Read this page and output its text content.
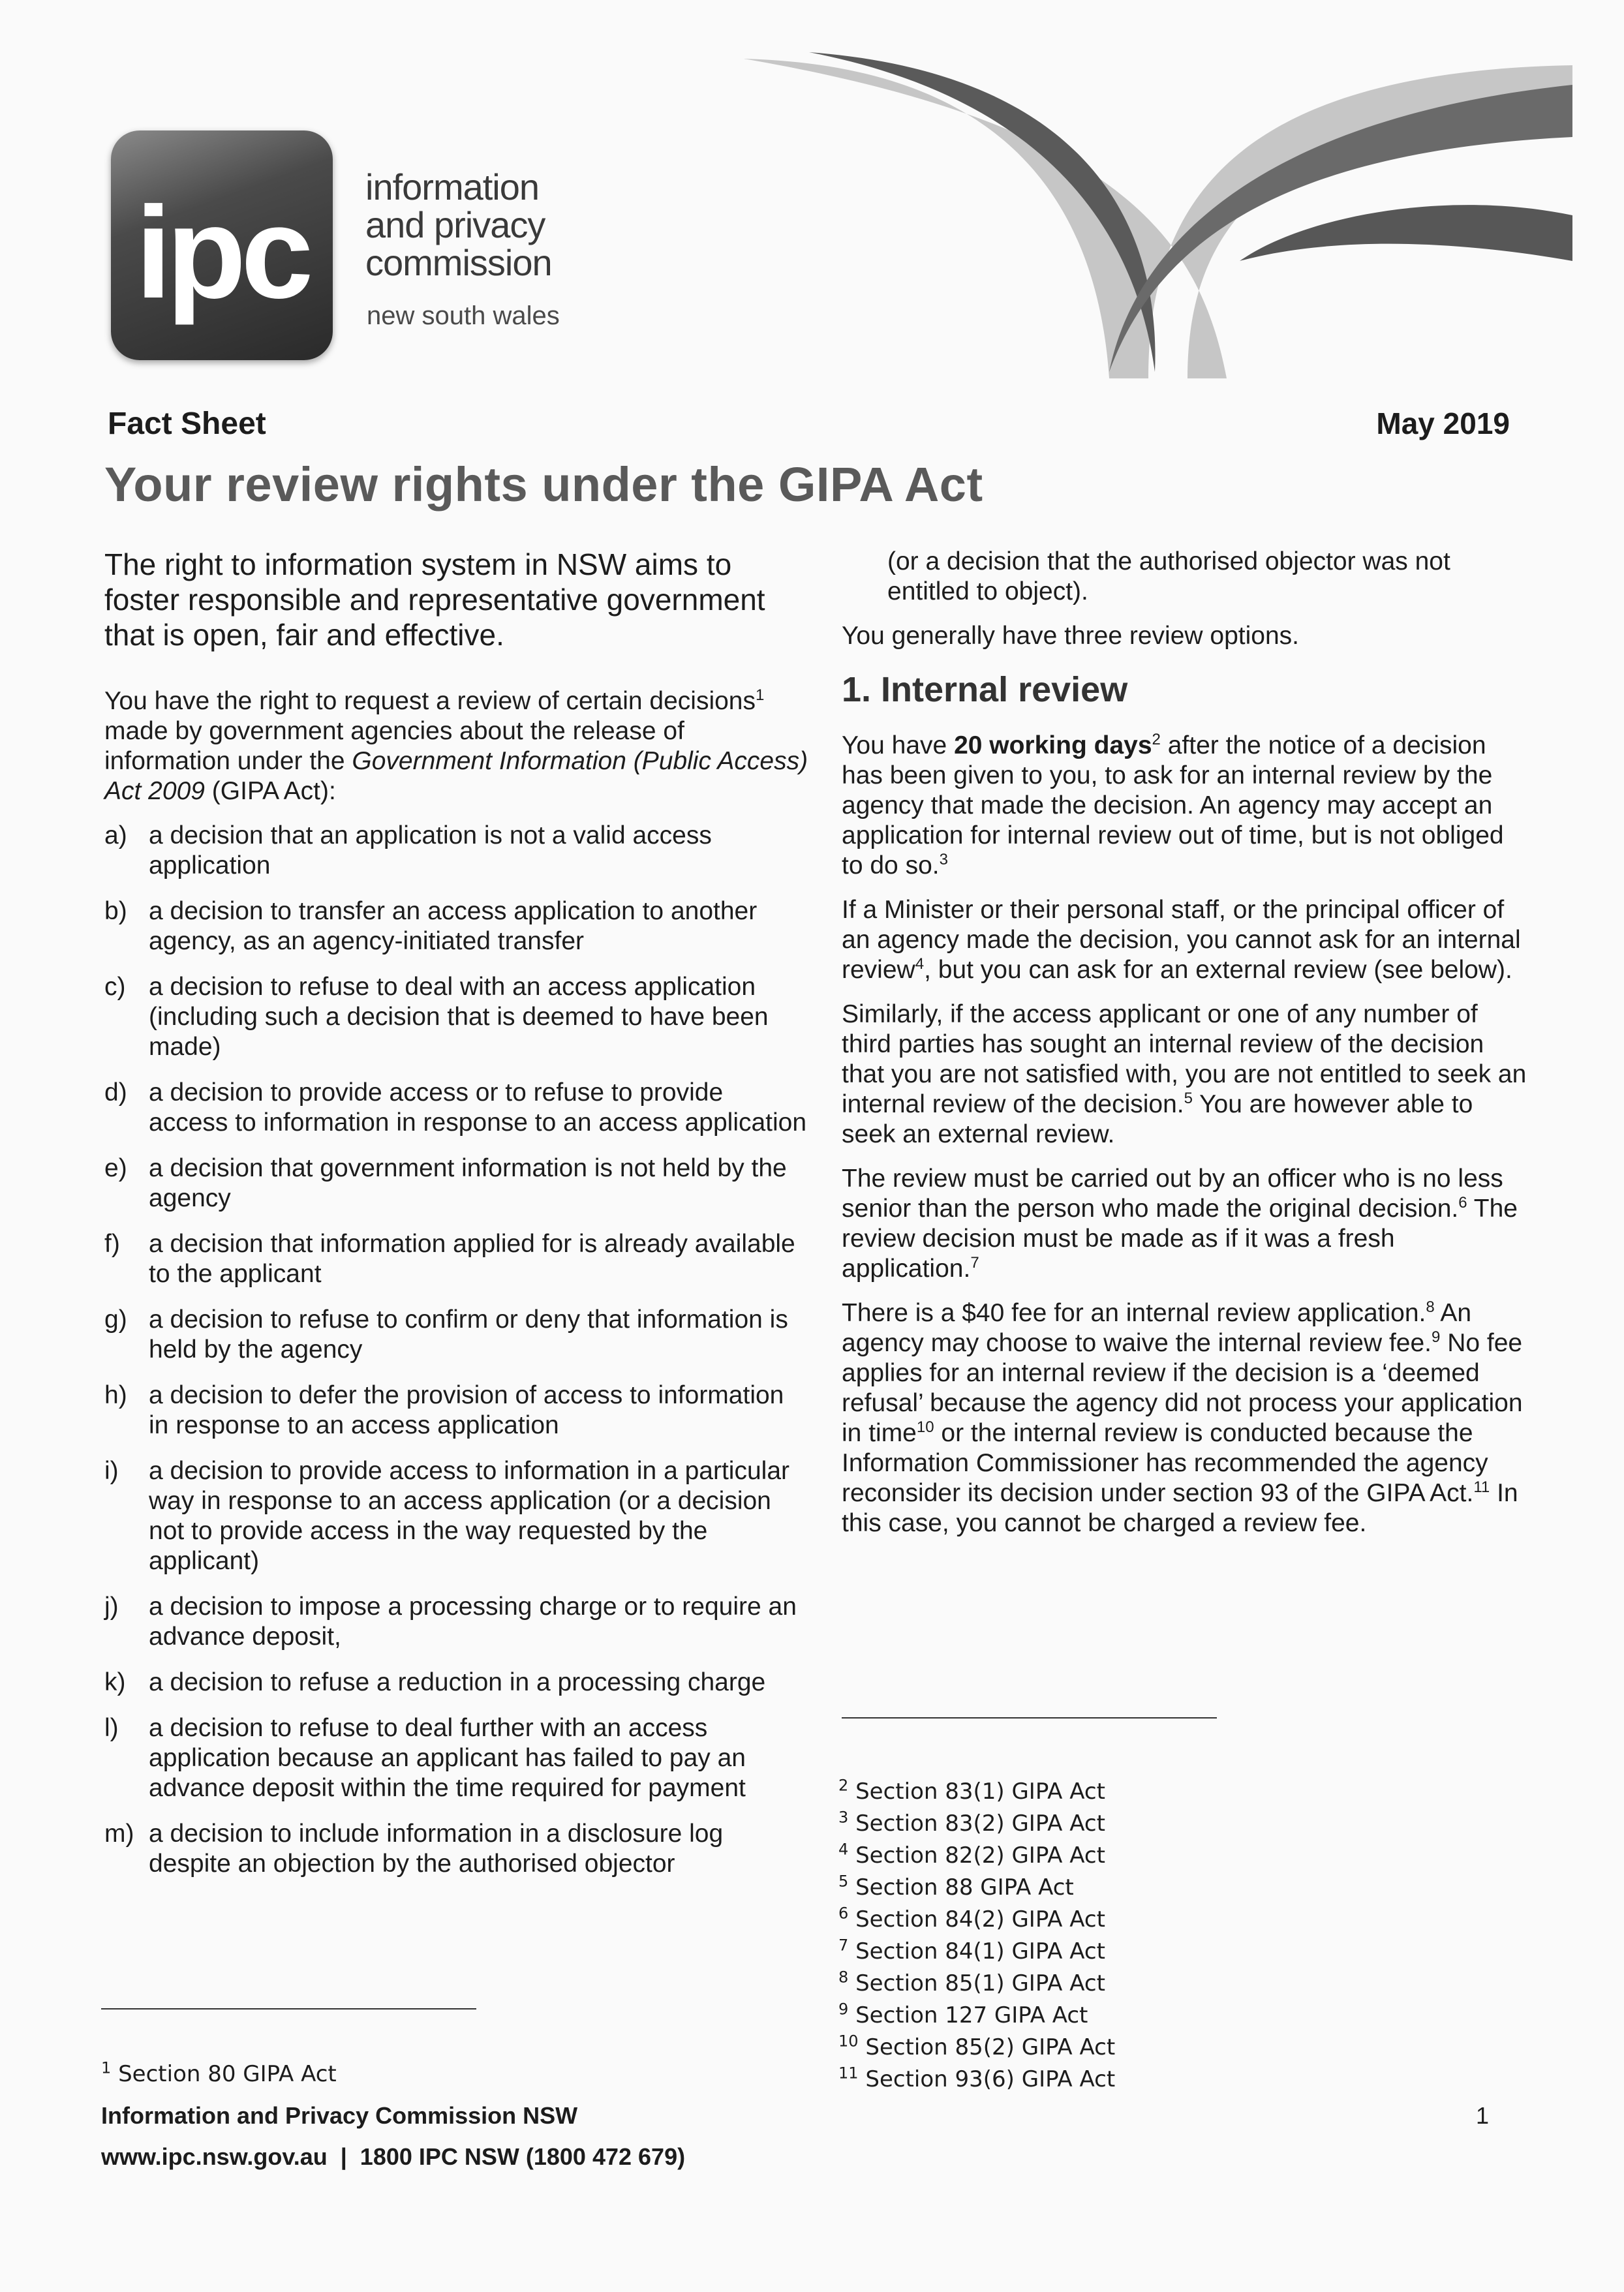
ipc	information
and privacy
commission
new south wales
Fact Sheet	May 2019
Your review rights under the GIPA Act

The right to information system in NSW aims to foster responsible and representative government that is open, fair and effective.

You have the right to request a review of certain decisions$^1$ made by government agencies about the release of information under the Government Information (Public Access) Act 2009 (GIPA Act):

a) a decision that an application is not a valid access application
b) a decision to transfer an access application to another agency, as an agency-initiated transfer
c) a decision to refuse to deal with an access application (including such a decision that is deemed to have been made)
d) a decision to provide access or to refuse to provide access to information in response to an access application
e) a decision that government information is not held by the agency
f)	a decision that information applied for is already available to the applicant
g) a decision to refuse to confirm or deny that information is held by the agency
h) a decision to defer the provision of access to information in response to an access application
i)	a decision to provide access to information in a particular way in response to an access application (or a decision not to provide access in the way requested by the applicant)
j)	a decision to impose a processing charge or to require an advance deposit,
k) a decision to refuse a reduction in a processing charge
l)	a decision to refuse to deal further with an access application because an applicant has failed to pay an advance deposit within the time required for payment
m) a decision to include information in a disclosure log despite an objection by the authorised objector
$^1$ Section 80 GIPA Act

(or a decision that the authorised objector was not entitled to object).

You generally have three review options.

1. Internal review

You have 20 working days$^2$ after the notice of a decision has been given to you, to ask for an internal review by the agency that made the decision. An agency may accept an application for internal review out of time, but is not obliged to do so.$^3$

If a Minister or their personal staff, or the principal officer of an agency made the decision, you cannot ask for an internal review$^4$, but you can ask for an external review (see below).

Similarly, if the access applicant or one of any number of third parties has sought an internal review of the decision that you are not satisfied with, you are not entitled to seek an internal review of the decision.$^5$ You are however able to seek an external review.

The review must be carried out by an officer who is no less senior than the person who made the original decision.$^6$ The review decision must be made as if it was a fresh application.$^7$

There is a $40 fee for an internal review application.$^8$ An agency may choose to waive the internal review fee.$^9$ No fee applies for an internal review if the decision is a ‘deemed refusal’ because the agency did not process your application in time$^{10}$ or the internal review is conducted because the Information Commissioner has recommended the agency reconsider its decision under section 93 of the GIPA Act.$^{11}$ In this case, you cannot be charged a review fee.

$^2$ Section 83(1) GIPA Act
$^3$ Section 83(2) GIPA Act
$^4$ Section 82(2) GIPA Act
$^5$ Section 88 GIPA Act
$^6$ Section 84(2) GIPA Act
$^7$ Section 84(1) GIPA Act
$^8$ Section 85(1) GIPA Act
$^9$ Section 127 GIPA Act
$^{10}$ Section 85(2) GIPA Act
$^{11}$ Section 93(6) GIPA Act
Information and Privacy Commission NSW
www.ipc.nsw.gov.au  |  1800 IPC NSW (1800 472 679)
1
